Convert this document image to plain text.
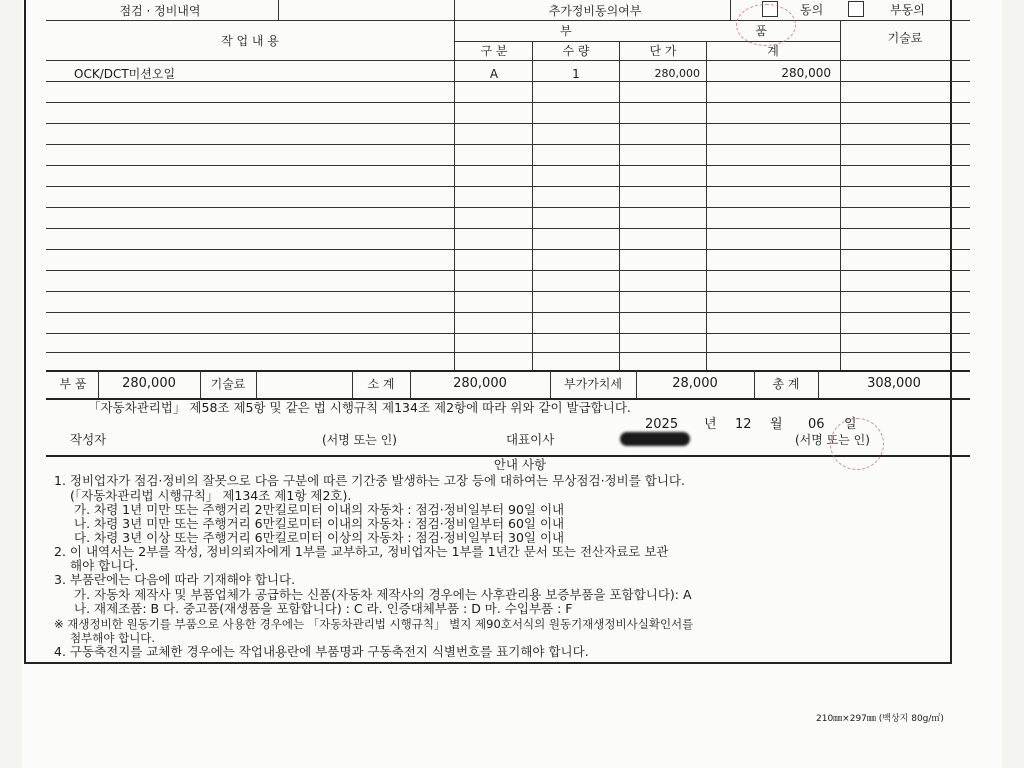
점검 · 정비내역	추가정비동의여부	동의	부동의
작 업 내 용
부 품	기술료
구 분	수 량	단 가	계
OCK/DCT미션오일	A	1	280,000	280,000
부 품	280,000	기술료	소 계	280,000	부가가치세	28,000	총 계	308,000
「자동차관리법」 제58조 제5항 및 같은 법 시행규칙 제134조 제2항에 따라 위와 같이 발급합니다.
2025 년 12 월 06 일
작성자	(서명 또는 인)	대표이사	(서명 또는 인)
안내 사항
1. 정비업자가 점검·정비의 잘못으로 다음 구분에 따른 기간중 발생하는 고장 등에 대하여는 무상점검·정비를 합니다.
(「자동차관리법 시행규칙」 제134조 제1항 제2호).
가. 차령 1년 미만 또는 주행거리 2만킬로미터 이내의 자동차 : 점검·정비일부터 90일 이내
나. 차령 3년 미만 또는 주행거리 6만킬로미터 이내의 자동차 : 점검·정비일부터 60일 이내
다. 차령 3년 이상 또는 주행거리 6만킬로미터 이상의 자동차 : 점검·정비일부터 30일 이내
2. 이 내역서는 2부를 작성, 정비의뢰자에게 1부를 교부하고, 정비업자는 1부를 1년간 문서 또는 전산자료로 보관
해야 합니다.
3. 부품란에는 다음에 따라 기재해야 합니다.
가. 자동차 제작사 및 부품업체가 공급하는 신품(자동차 제작사의 경우에는 사후관리용 보증부품을 포함합니다): A
나. 재제조품: B 다. 중고품(재생품을 포함합니다) : C 라. 인증대체부품 : D 마. 수입부품 : F
※ 재생정비한 원동기를 부품으로 사용한 경우에는 「자동차관리법 시행규칙」 별지 제90호서식의 원동기재생정비사실확인서를
첨부해야 합니다.
4. 구동축전지를 교체한 경우에는 작업내용란에 부품명과 구동축전지 식별번호를 표기해야 합니다.
210㎜×297㎜ (백상지 80g/㎡)
